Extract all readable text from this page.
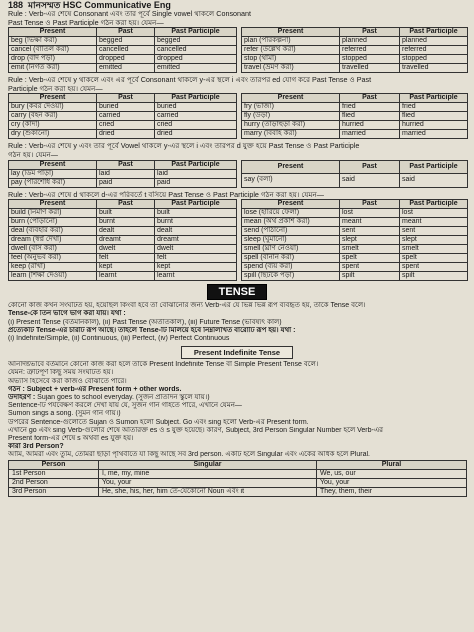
188 মানসম্মত HSC Communicative Eng
Rule : Verb-এর শেষে Consonant এবং তার পূর্বে Single vowel থাকলে Consonant
Past Tense ও Past Participle গঠন করা হয়। যেমন—
Present	Past	Past Participle
beg (ভিক্ষা করা)	begged	begged
cancel (বাতিল করা)	cancelled	cancelled
drop (বাদ পড়া)	dropped	dropped
emit (নির্গত করা)	emitted	emitted
Present	Past	Past Participle
plan (পরিকল্পনা)	planned	planned
refer (উল্লেখ করা)	referred	referred
stop (থামা)	stopped	stopped
travel (ভ্রমণ করা)	travelled	travelled
Rule : Verb-এর শেষে y থাকলে এবং এর পূর্বে Consonant থাকলে y-এর স্থলে i এবং তারপর ed যোগ করে Past Tense ও Past
Participle গঠন করা হয়। যেমন—
Present	Past	Past Participle
bury (কবর দেওয়া)	buried	buried
carry (বহন করা)	carried	carried
cry (কাঁদা)	cried	cried
dry (শুকানো)	dried	dried
Present	Past	Past Participle
fry (ভাজা)	fried	fried
fly (উড়া)	flied	flied
hurry (তাড়াহুড়া করা)	hurried	hurried
marry (বিবাহ করা)	married	married
Rule : Verb-এর শেষে y এবং তার পূর্বে Vowel থাকলে y-এর স্থলে i এবং তারপর d যুক্ত হয়ে Past Tense ও Past Participle
গঠন হয়। যেমন—
Present	Past	Past Participle
lay (ডিম পাড়া)	laid	laid
pay (পরিশোধ করা)	paid	paid
Present	Past	Past Participle
say (বলা)	said	said
Rule : Verb-এর শেষে d থাকলে d-এর পরিবর্তে t বসিয়ে Past Tense ও Past Participle গঠন করা হয়। যেমন—
Present	Past	Past Participle
build (নির্মাণ করা)	built	built
burn (পোড়ানো)	burnt	burnt
deal (ব্যবহার করা)	dealt	dealt
dream (স্বপ্ন দেখা)	dreamt	dreamt
dwell (বাস করা)	dwelt	dwelt
feel (অনুভব করা)	felt	felt
keep (রাখা)	kept	kept
learn (শিক্ষা দেওয়া)	learnt	learnt
Present	Past	Past Participle
lose (হারিয়ে ফেলা)	lost	lost
mean (অর্থ প্রকাশ করা)	meant	meant
send (পাঠানো)	sent	sent
sleep (ঘুমানো)	slept	slept
smell (ঘ্রাণ নেওয়া)	smelt	smelt
spell (বানান করা)	spelt	spelt
spend (ব্যয় করা)	spent	spent
spill (ছিটকে পড়া)	spilt	spilt
TENSE
কোনো কাজ কখন সংঘটিত হয়, হয়েছিল কিংবা হবে তা বোঝানোর জন্য Verb-এর যে ভিন্ন ভিন্ন রূপ ব্যবহৃত হয়, তাকে Tense বলে।
Tense-কে তিন ভাগে ভাগ করা যায়। যথা :
(i) Present Tense (বর্তমানকাল), (ii) Past Tense (অতীতকাল), (iii) Future Tense (ভবিষ্যৎ কাল)
প্রত্যেকটি Tense-এর চারটি রূপ আছে। তাহলে Tense-টি মিলিয়ে হবে নিম্নলিখিত বারোটি রূপ হয়। যথা :
(i) Indefinite/Simple, (ii) Continuous, (iii) Perfect, (iv) Perfect Continuous
Present Indefinite Tense
অনির্দিষ্টভাবে বর্তমানে কোনো কাজ করা হলে তাকে Present Indefinite Tense বা Simple Present Tense বলে।
যেমন: ত্রুটিপূর্ণ কিছু সময় সংঘটিত হয়।
অভ্যাস হিসেবে করা কাজও বোঝাতে পারে।
গঠন : Subject + verb-এর Present form + other words.
উদাহরণ : Sujan goes to school everyday. (সুজন প্রতিদিন স্কুলে যায়।)
Sentence-টি পর্যবেক্ষণ করলে দেখা যায় যে, সুজন গান গাইতে পারে, এখানে যেমন—
Sumon sings a song. (সুমন গান গায়।)
উপরের Sentence-গুলোতে Sujan ও Sumon হলো Subject. Go এবং sing হলো Verb-এর Present form.
এখানে go এবং sing Verb-গুলোর শেষে অতিরিক্ত es ও s যুক্ত হয়েছে। কারণ, Subject, 3rd Person Singular Number হলে Verb-এর
Present form-এর শেষে s অথবা es যুক্ত হয়।
কারা 3rd Person?
আমি, আমরা এবং তুমি, তোমরা ছাড়া পৃথিবীতে যা কিছু আছে সব 3rd person. একটি হলে Singular এবং একের অধিক হলে Plural.
Person	Singular	Plural
1st Person	I, me, my, mine	We, us, our
2nd Person	You, your	You, your
3rd Person	He, she, his, her, him তে-যেকোনো Noun এবং it	They, them, their
